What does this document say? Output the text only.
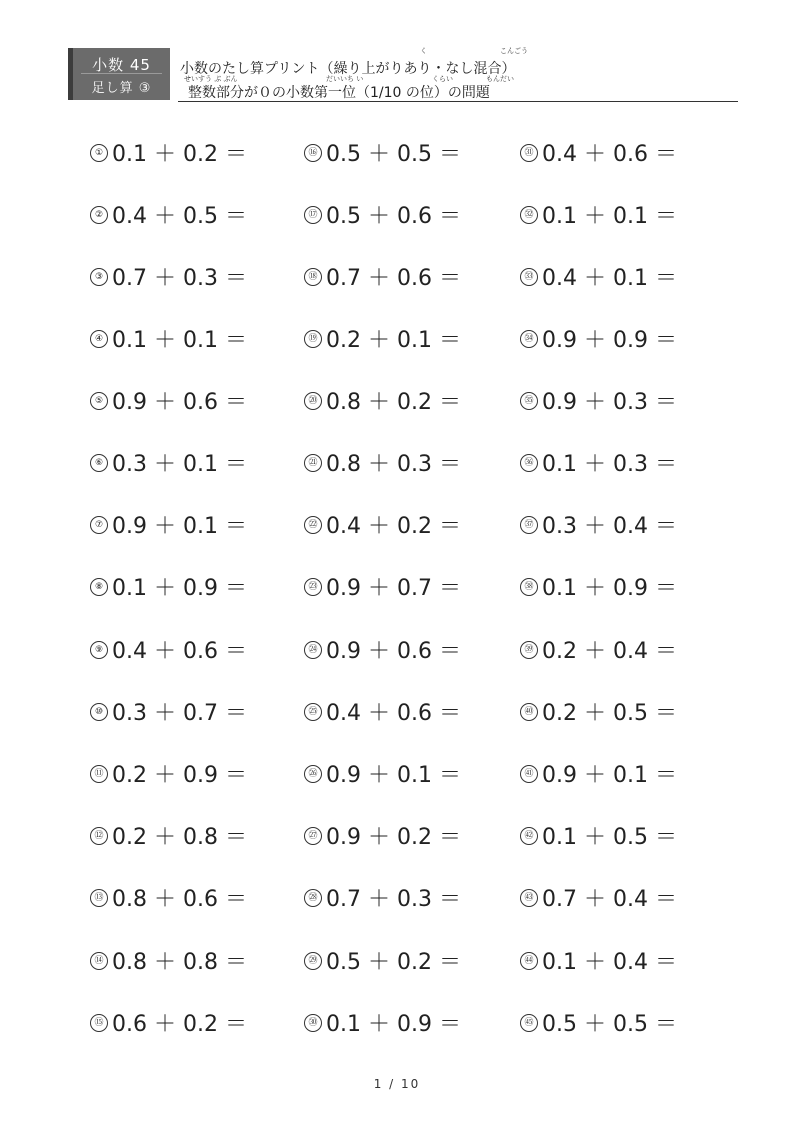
小数 45
足し算 ③
く	こんごう
小数のたし算プリント（繰り上がりあり・なし混合）
せいすう ぶ ぶん	だいいち い	くらい	もんだい
整数部分が０の小数第一位（1/10 の位）の問題
① 0.1 ＋ 0.2 ＝
② 0.4 ＋ 0.5 ＝
③ 0.7 ＋ 0.3 ＝
④ 0.1 ＋ 0.1 ＝
⑤ 0.9 ＋ 0.6 ＝
⑥ 0.3 ＋ 0.1 ＝
⑦ 0.9 ＋ 0.1 ＝
⑧ 0.1 ＋ 0.9 ＝
⑨ 0.4 ＋ 0.6 ＝
⑩ 0.3 ＋ 0.7 ＝
⑪ 0.2 ＋ 0.9 ＝
⑫ 0.2 ＋ 0.8 ＝
⑬ 0.8 ＋ 0.6 ＝
⑭ 0.8 ＋ 0.8 ＝
⑮ 0.6 ＋ 0.2 ＝
⑯ 0.5 ＋ 0.5 ＝
⑰ 0.5 ＋ 0.6 ＝
⑱ 0.7 ＋ 0.6 ＝
⑲ 0.2 ＋ 0.1 ＝
⑳ 0.8 ＋ 0.2 ＝
㉑ 0.8 ＋ 0.3 ＝
㉒ 0.4 ＋ 0.2 ＝
㉓ 0.9 ＋ 0.7 ＝
㉔ 0.9 ＋ 0.6 ＝
㉕ 0.4 ＋ 0.6 ＝
㉖ 0.9 ＋ 0.1 ＝
㉗ 0.9 ＋ 0.2 ＝
㉘ 0.7 ＋ 0.3 ＝
㉙ 0.5 ＋ 0.2 ＝
㉚ 0.1 ＋ 0.9 ＝
㉛ 0.4 ＋ 0.6 ＝
㉜ 0.1 ＋ 0.1 ＝
㉝ 0.4 ＋ 0.1 ＝
㉞ 0.9 ＋ 0.9 ＝
㉟ 0.9 ＋ 0.3 ＝
㊱ 0.1 ＋ 0.3 ＝
㊲ 0.3 ＋ 0.4 ＝
㊳ 0.1 ＋ 0.9 ＝
㊴ 0.2 ＋ 0.4 ＝
㊵ 0.2 ＋ 0.5 ＝
㊶ 0.9 ＋ 0.1 ＝
㊷ 0.1 ＋ 0.5 ＝
㊸ 0.7 ＋ 0.4 ＝
㊹ 0.1 ＋ 0.4 ＝
㊺ 0.5 ＋ 0.5 ＝
1 / 10
